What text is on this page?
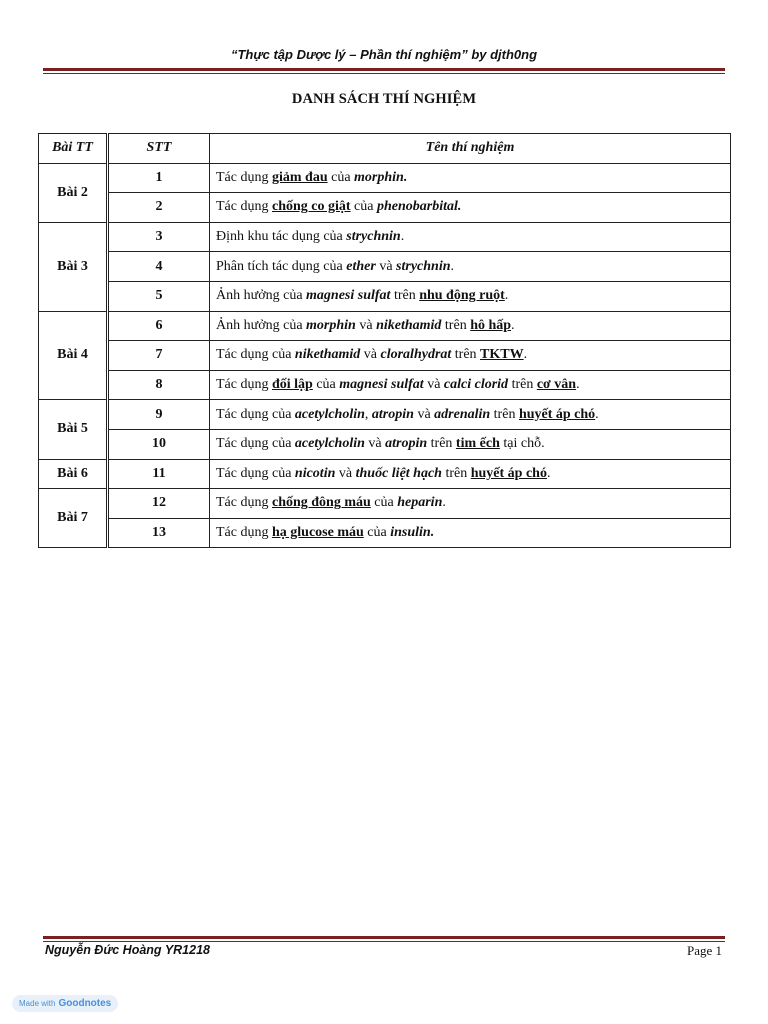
“Thực tập Dược lý – Phần thí nghiệm” by djth0ng
DANH SÁCH THÍ NGHIỆM
Bài TT	STT	Tên thí nghiệm
Bài 2	1	Tác dụng giảm đau của morphin.
	2	Tác dụng chống co giật của phenobarbital.
Bài 3	3	Định khu tác dụng của strychnin.
	4	Phân tích tác dụng của ether và strychnin.
	5	Ảnh hưởng của magnesi sulfat trên nhu động ruột.
Bài 4	6	Ảnh hưởng của morphin và nikethamid trên hô hấp.
	7	Tác dụng của nikethamid và cloralhydrat trên TKTW.
	8	Tác dụng đối lập của magnesi sulfat và calci clorid trên cơ vân.
Bài 5	9	Tác dụng của acetylcholin, atropin và adrenalin trên huyết áp chó.
	10	Tác dụng của acetylcholin và atropin trên tim ếch tại chỗ.
Bài 6	11	Tác dụng của nicotin và thuốc liệt hạch trên huyết áp chó.
Bài 7	12	Tác dụng chống đông máu của heparin.
	13	Tác dụng hạ glucose máu của insulin.
Nguyễn Đức Hoàng YR1218	Page 1
Made with Goodnotes
